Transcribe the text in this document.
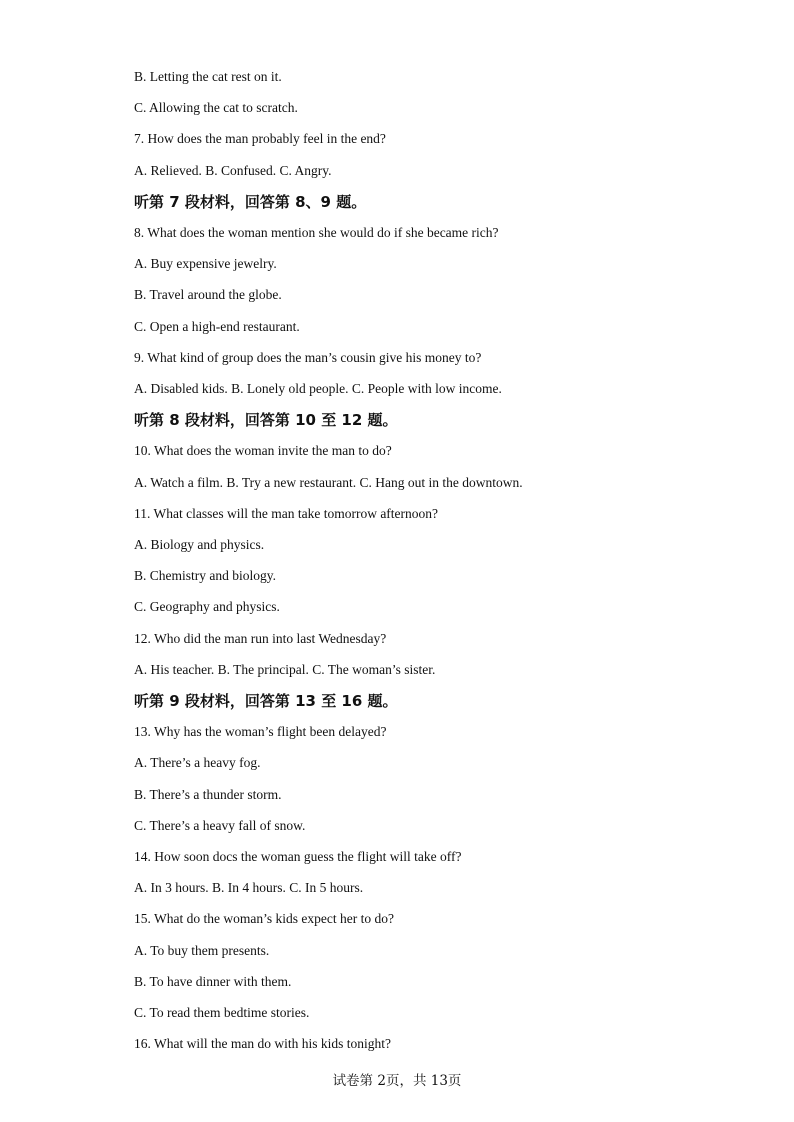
B. Letting the cat rest on it.
C. Allowing the cat to scratch.
7. How does the man probably feel in the end?
A. Relieved. B. Confused. C. Angry.
听第 7 段材料，回答第 8、9 题。
8. What does the woman mention she would do if she became rich?
A. Buy expensive jewelry.
B. Travel around the globe.
C. Open a high-end restaurant.
9. What kind of group does the man’s cousin give his money to?
A. Disabled kids. B. Lonely old people. C. People with low income.
听第 8 段材料，回答第 10 至 12 题。
10. What does the woman invite the man to do?
A. Watch a film. B. Try a new restaurant. C. Hang out in the downtown.
11. What classes will the man take tomorrow afternoon?
A. Biology and physics.
B. Chemistry and biology.
C. Geography and physics.
12. Who did the man run into last Wednesday?
A. His teacher. B. The principal. C. The woman’s sister.
听第 9 段材料，回答第 13 至 16 题。
13. Why has the woman’s flight been delayed?
A. There’s a heavy fog.
B. There’s a thunder storm.
C. There’s a heavy fall of snow.
14. How soon docs the woman guess the flight will take off?
A. In 3 hours. B. In 4 hours. C. In 5 hours.
15. What do the woman’s kids expect her to do?
A. To buy them presents.
B. To have dinner with them.
C. To read them bedtime stories.
16. What will the man do with his kids tonight?
试卷第 2页，共 13页
